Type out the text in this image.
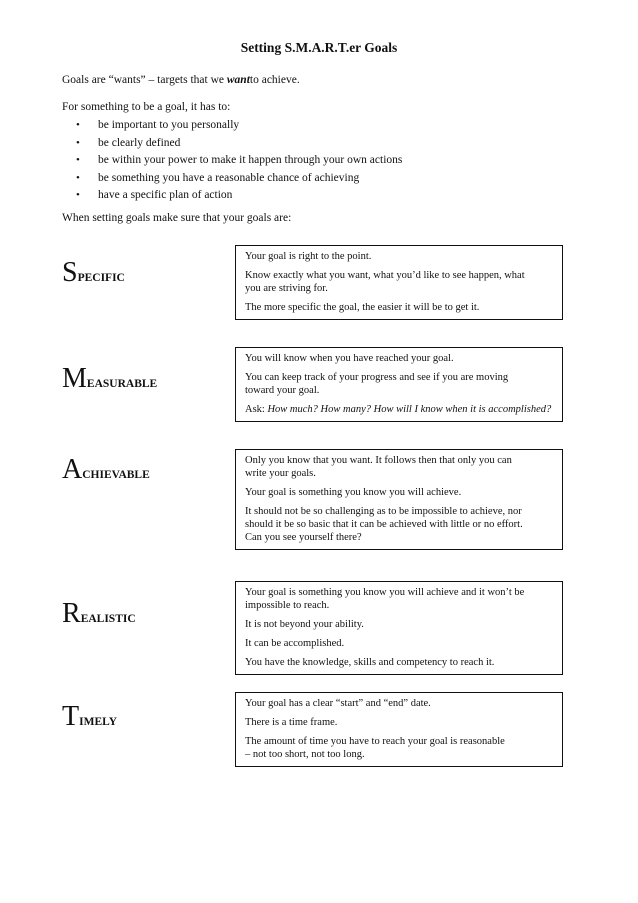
Setting S.M.A.R.T.er Goals
Goals are “wants” – targets that we wantto achieve.
For something to be a goal, it has to:
• be important to you personally
• be clearly defined
• be within your power to make it happen through your own actions
• be something you have a reasonable chance of achieving
• have a specific plan of action
When setting goals make sure that your goals are:
SPECIFIC

Your goal is right to the point.

Know exactly what you want, what you’d like to see happen, what
you are striving for.

The more specific the goal, the easier it will be to get it.

MEASURABLE

You will know when you have reached your goal.

You can keep track of your progress and see if you are moving
toward your goal.

Ask: How much? How many? How will I know when it is accomplished?

ACHIEVABLE

Only you know that you want. It follows then that only you can
write your goals.

Your goal is something you know you will achieve.

It should not be so challenging as to be impossible to achieve, nor
should it be so basic that it can be achieved with little or no effort.
Can you see yourself there?

REALISTIC

Your goal is something you know you will achieve and it won’t be
impossible to reach.

It is not beyond your ability.

It can be accomplished.

You have the knowledge, skills and competency to reach it.

TIMELY

Your goal has a clear “start” and “end” date.

There is a time frame.

The amount of time you have to reach your goal is reasonable
– not too short, not too long.
